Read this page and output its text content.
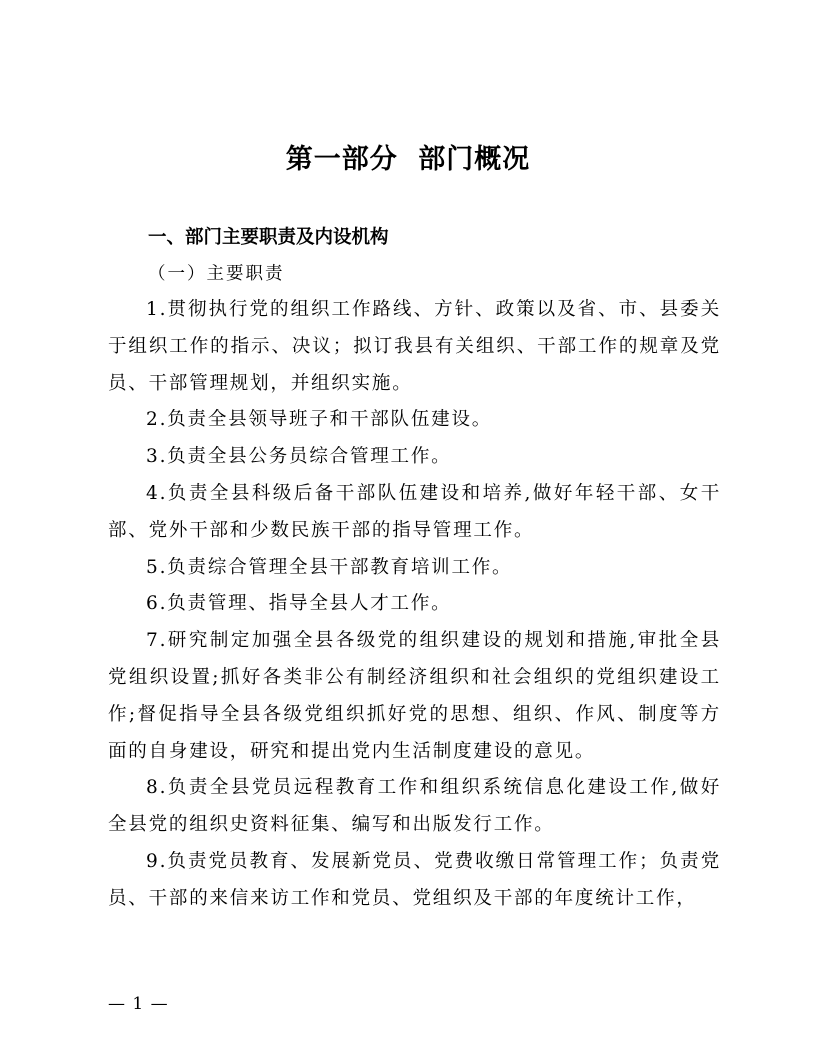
第一部分 部门概况
一、部门主要职责及内设机构
（一）主要职责

1.贯彻执行党的组织工作路线、方针、政策以及省、市、县委关于组织工作的指示、决议；拟订我县有关组织、干部工作的规章及党员、干部管理规划，并组织实施。

2.负责全县领导班子和干部队伍建设。

3.负责全县公务员综合管理工作。

4.负责全县科级后备干部队伍建设和培养,做好年轻干部、女干部、党外干部和少数民族干部的指导管理工作。

5.负责综合管理全县干部教育培训工作。

6.负责管理、指导全县人才工作。

7.研究制定加强全县各级党的组织建设的规划和措施,审批全县党组织设置;抓好各类非公有制经济组织和社会组织的党组织建设工作;督促指导全县各级党组织抓好党的思想、组织、作风、制度等方面的自身建设，研究和提出党内生活制度建设的意见。

8.负责全县党员远程教育工作和组织系统信息化建设工作,做好全县党的组织史资料征集、编写和出版发行工作。

9.负责党员教育、发展新党员、党费收缴日常管理工作；负责党员、干部的来信来访工作和党员、党组织及干部的年度统计工作，

— 1 —
